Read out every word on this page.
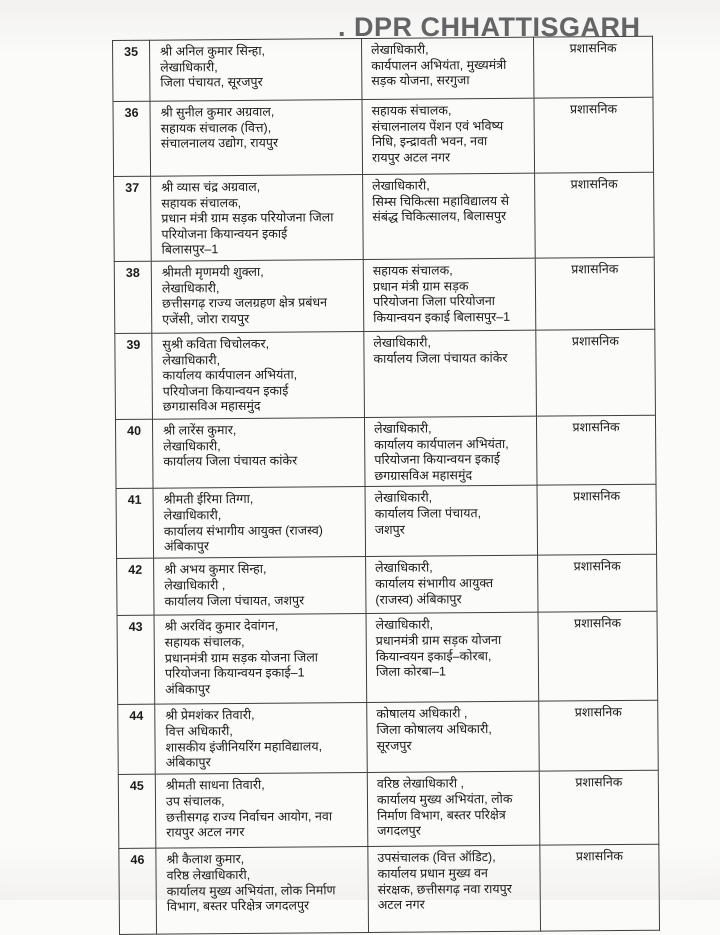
. DPR CHHATTISGARH
35	श्री अनिल कुमार सिन्हा,
लेखाधिकारी,
जिला पंचायत, सूरजपुर	लेखाधिकारी,
कार्यपालन अभियंता, मुख्यमंत्री
सड़क योजना, सरगुजा	प्रशासनिक
36	श्री सुनील कुमार अग्रवाल,
सहायक संचालक (वित्त),
संचालनालय उद्योग, रायपुर	सहायक संचालक,
संचालनालय पेंशन एवं भविष्य
निधि, इन्द्रावती भवन, नवा
रायपुर अटल नगर	प्रशासनिक
37	श्री व्यास चंद्र अग्रवाल,
सहायक संचालक,
प्रधान मंत्री ग्राम सड़क परियोजना जिला
परियोजना कियान्वयन इकाई
बिलासपुर–1	लेखाधिकारी,
सिम्स चिकित्सा महाविद्यालय से
संबंद्ध चिकित्सालय, बिलासपुर	प्रशासनिक
38	श्रीमती मृणमयी शुक्ला,
लेखाधिकारी,
छत्तीसगढ़ राज्य जलग्रहण क्षेत्र प्रबंधन
एजेंसी, जोरा रायपुर	सहायक संचालक,
प्रधान मंत्री ग्राम सड़क
परियोजना जिला परियोजना
कियान्वयन इकाई बिलासपुर–1	प्रशासनिक
39	सुश्री कविता चिचोलकर,
लेखाधिकारी,
कार्यालय कार्यपालन अभियंता,
परियोजना कियान्वयन इकाई
छगग्रासविअ महासमुंद	लेखाधिकारी,
कार्यालय जिला पंचायत कांकेर	प्रशासनिक
40	श्री लारेंस कुमार,
लेखाधिकारी,
कार्यालय जिला पंचायत कांकेर	लेखाधिकारी,
कार्यालय कार्यपालन अभियंता,
परियोजना कियान्वयन इकाई
छगग्रासविअ महासमुंद	प्रशासनिक
41	श्रीमती ईरिमा तिग्गा,
लेखाधिकारी,
कार्यालय संभागीय आयुक्त (राजस्व)
अंबिकापुर	लेखाधिकारी,
कार्यालय जिला पंचायत,
जशपुर	प्रशासनिक
42	श्री अभय कुमार सिन्हा,
लेखाधिकारी ,
कार्यालय जिला पंचायत, जशपुर	लेखाधिकारी,
कार्यालय संभागीय आयुक्त
(राजस्व) अंबिकापुर	प्रशासनिक
43	श्री अरविंद कुमार देवांगन,
सहायक संचालक,
प्रधानमंत्री ग्राम सड़क योजना जिला
परियोजना कियान्वयन इकाई–1
अंबिकापुर	लेखाधिकारी,
प्रधानमंत्री ग्राम सड़क योजना
कियान्वयन इकाई–कोरबा,
जिला कोरबा–1	प्रशासनिक
44	श्री प्रेमशंकर तिवारी,
वित्त अधिकारी,
शासकीय इंजीनियरिंग महाविद्यालय,
अंबिकापुर	कोषालय अधिकारी ,
जिला कोषालय अधिकारी,
सूरजपुर	प्रशासनिक
45	श्रीमती साधना तिवारी,
उप संचालक,
छत्तीसगढ़ राज्य निर्वाचन आयोग, नवा
रायपुर अटल नगर	वरिष्ठ लेखाधिकारी ,
कार्यालय मुख्य अभियंता, लोक
निर्माण विभाग, बस्तर परिक्षेत्र
जगदलपुर	प्रशासनिक
46	श्री कैलाश कुमार,
वरिष्ठ लेखाधिकारी,
कार्यालय मुख्य अभियंता, लोक निर्माण
विभाग, बस्तर परिक्षेत्र जगदलपुर	उपसंचालक (वित्त ऑडिट),
कार्यालय प्रधान मुख्य वन
संरक्षक, छत्तीसगढ़ नवा रायपुर
अटल नगर	प्रशासनिक
